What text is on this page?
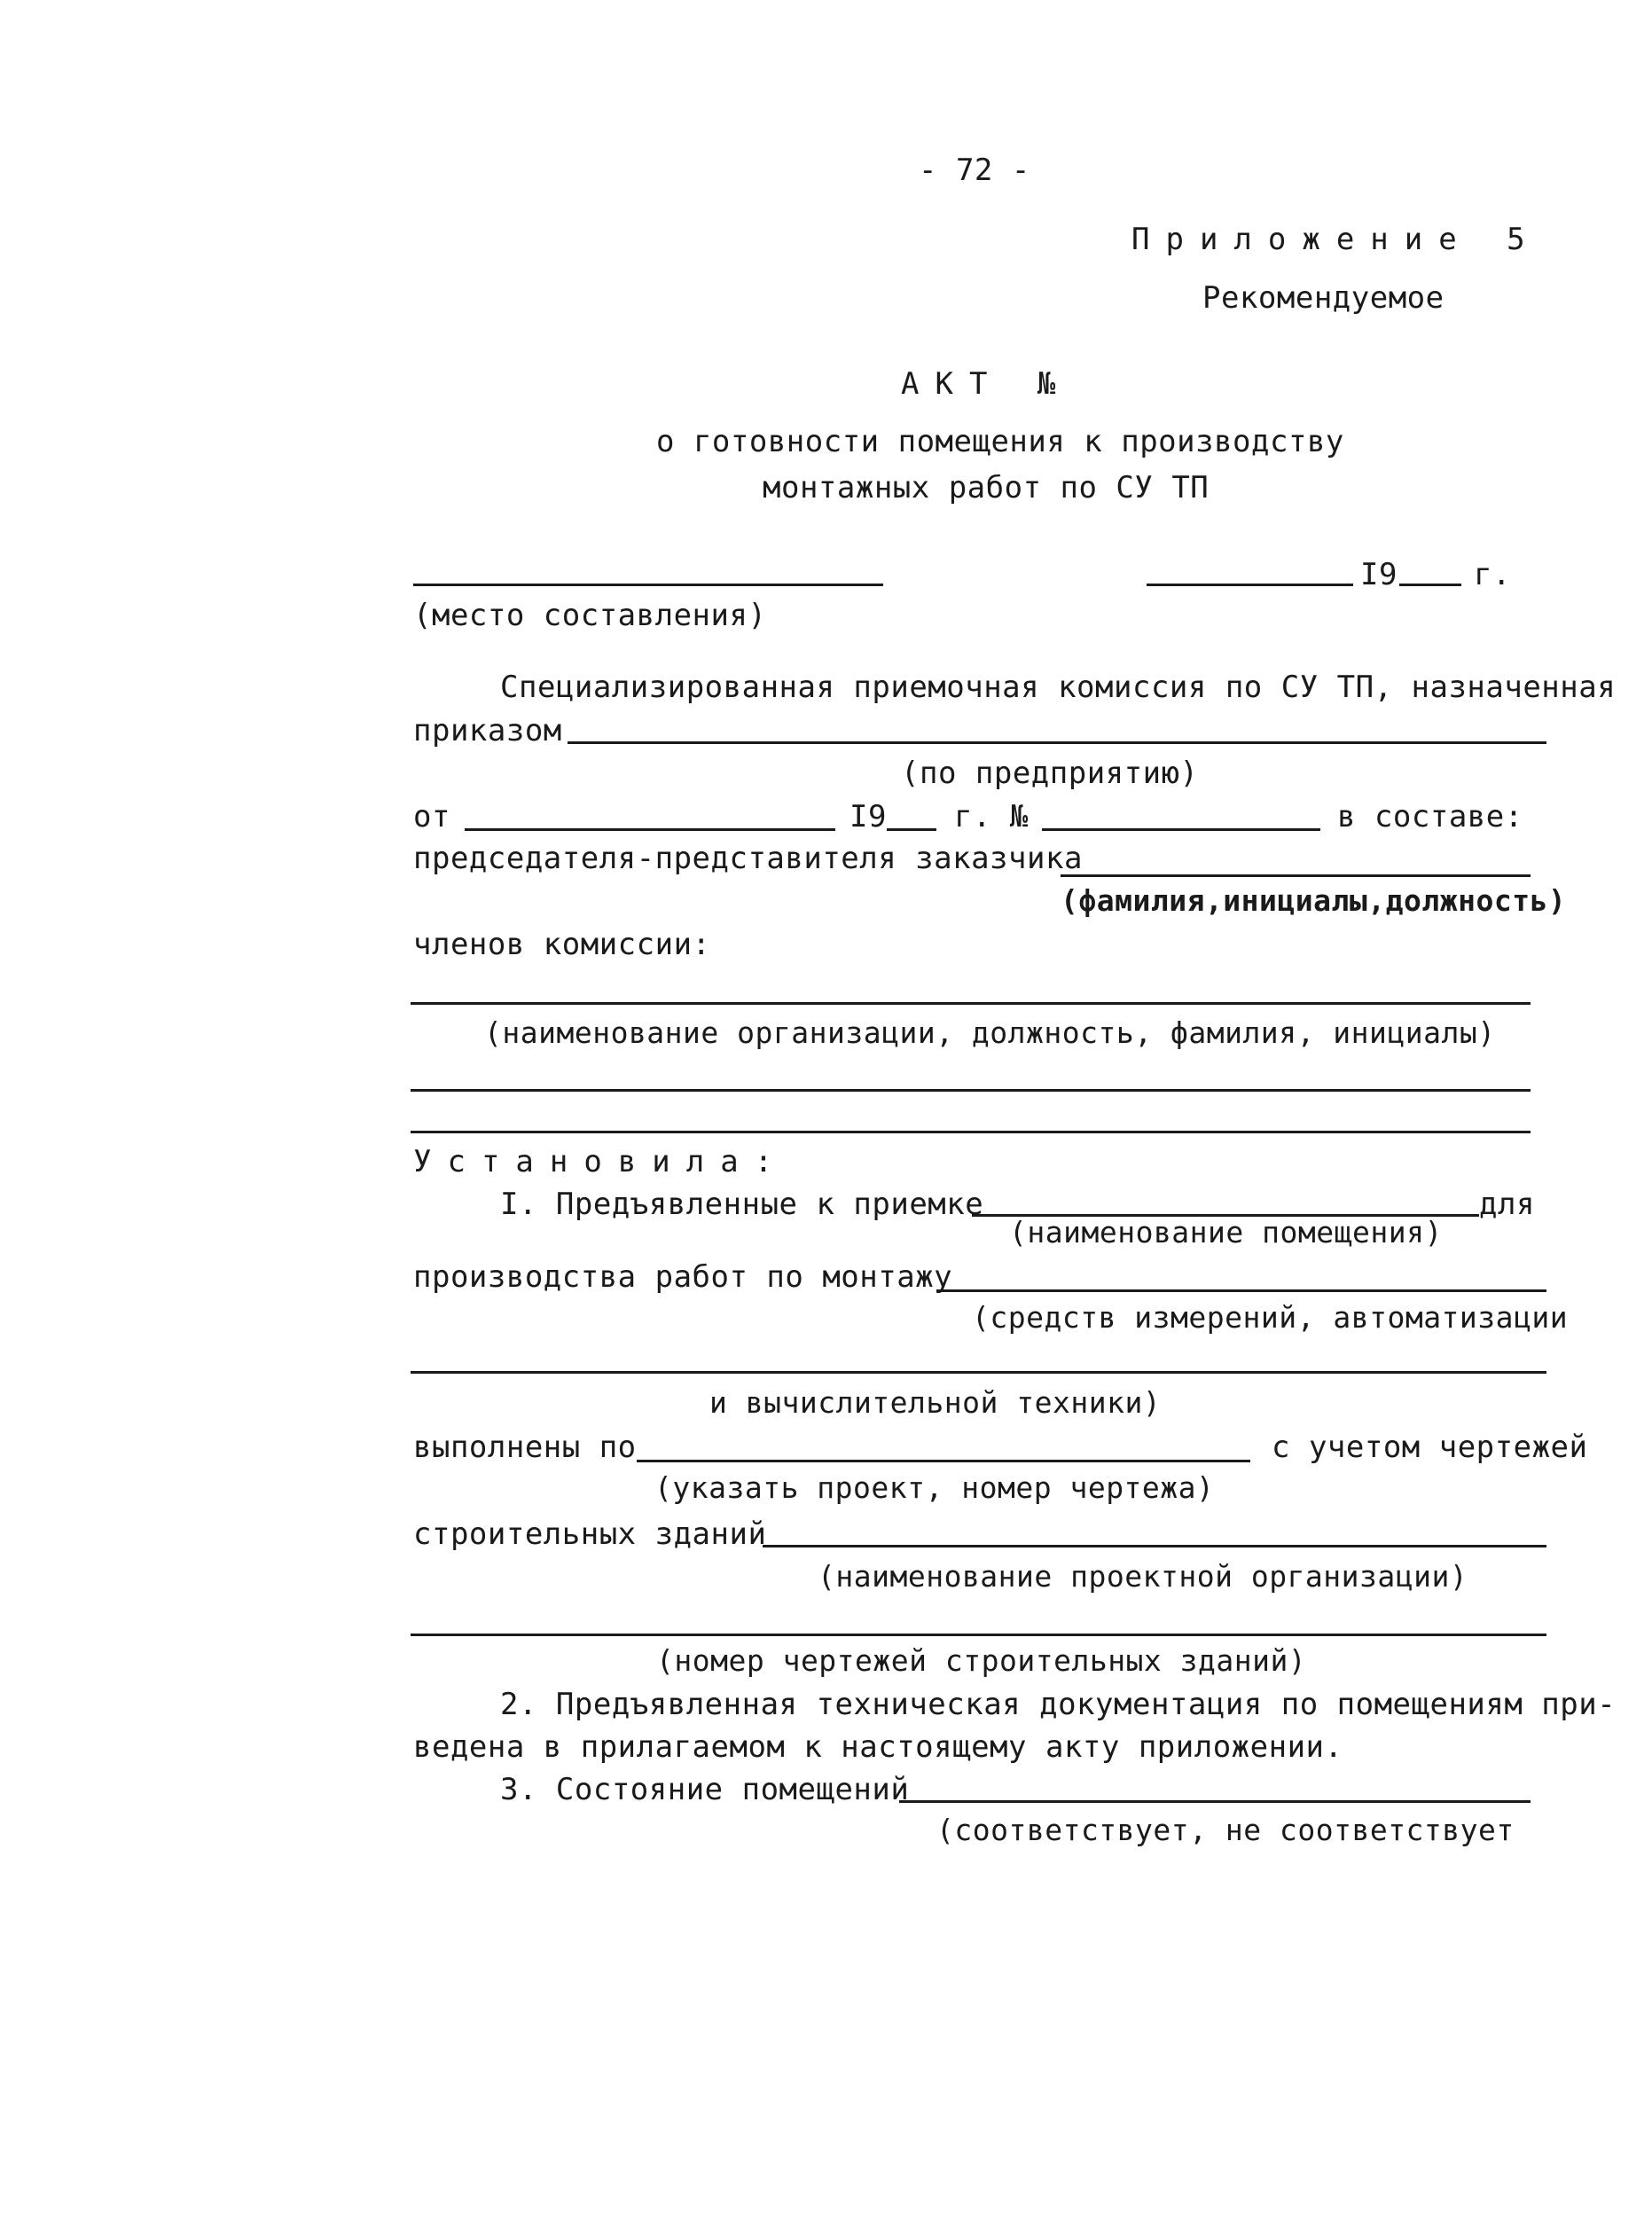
- 72 -
Приложение 5
Рекомендуемое
АКТ №
о готовности помещения к производству
монтажных работ по СУ ТП
I9	г.
(место составления)
Специализированная приемочная комиссия по СУ ТП, назначенная
приказом
(по предприятию)
от	I9 г. №	в составе:
председателя-представителя заказчика
(фамилия,инициалы,должность)
членов комиссии:
(наименование организации, должность, фамилия, инициалы)
Установила:
I. Предъявленные к приемке	для
(наименование помещения)
производства работ по монтажу
(средств измерений, автоматизации
и вычислительной техники)
выполнены по	с учетом чертежей
(указать проект, номер чертежа)
строительных зданий
(наименование проектной организации)
(номер чертежей строительных зданий)
2. Предъявленная техническая документация по помещениям при-
ведена в прилагаемом к настоящему акту приложении.
3. Состояние помещений
(соответствует, не соответствует
